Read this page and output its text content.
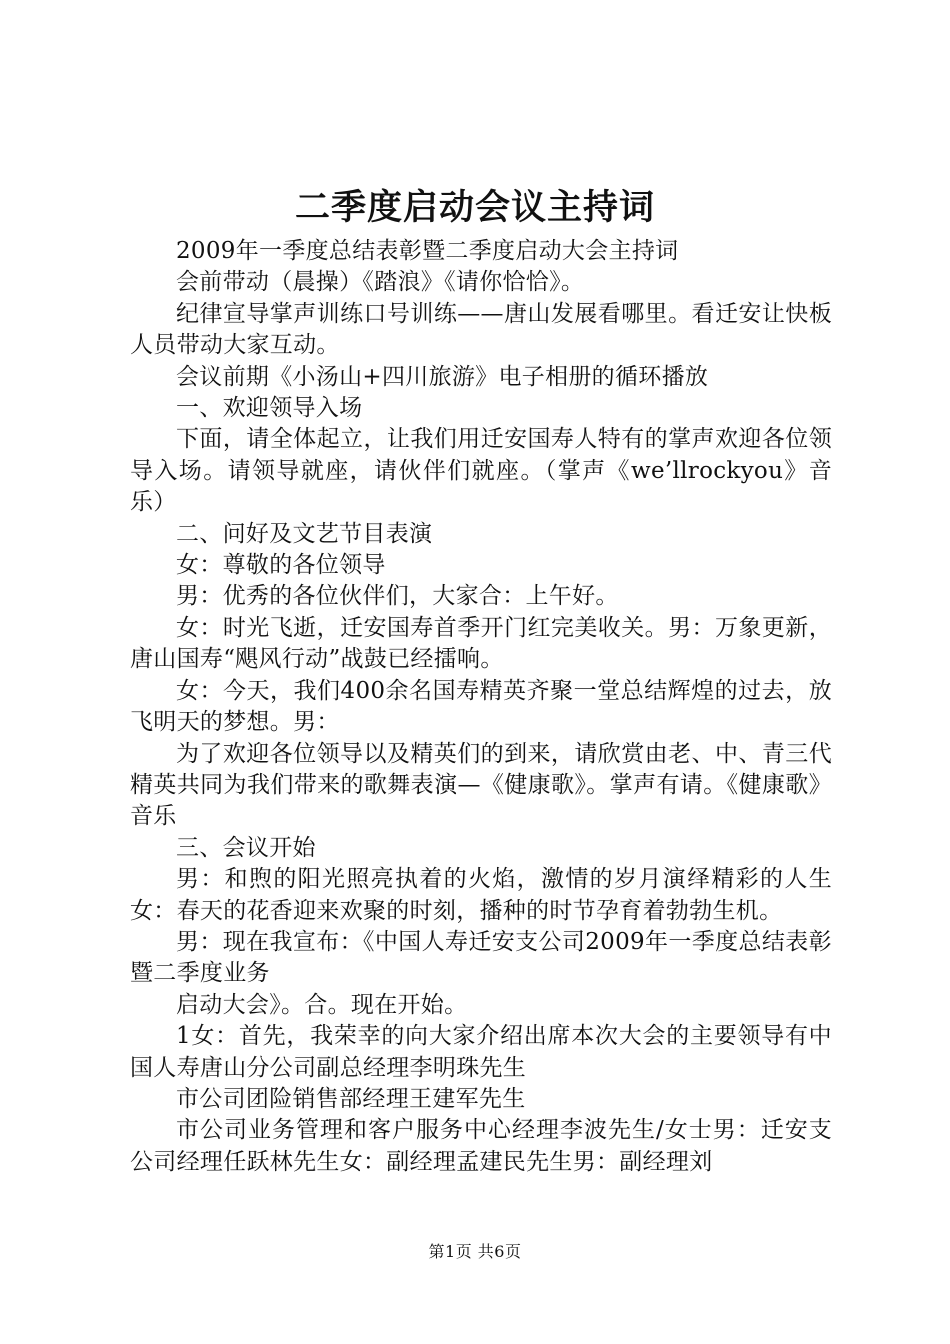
二季度启动会议主持词

2009年一季度总结表彰暨二季度启动大会主持词

会前带动（晨操）《踏浪》《请你恰恰》。

纪律宣导掌声训练口号训练——唐山发展看哪里。看迁安让快板人员带动大家互动。

会议前期《小汤山+四川旅游》电子相册的循环播放

一、欢迎领导入场

下面，请全体起立，让我们用迁安国寿人特有的掌声欢迎各位领导入场。请领导就座，请伙伴们就座。（掌声《we’llrockyou》音乐）

二、问好及文艺节目表演

女：尊敬的各位领导

男：优秀的各位伙伴们，大家合：上午好。

女：时光飞逝，迁安国寿首季开门红完美收关。男：万象更新，唐山国寿“飓风行动”战鼓已经擂响。

女：今天，我们400余名国寿精英齐聚一堂总结辉煌的过去，放飞明天的梦想。男：

为了欢迎各位领导以及精英们的到来，请欣赏由老、中、青三代精英共同为我们带来的歌舞表演—《健康歌》。掌声有请。《健康歌》音乐

三、会议开始

男：和煦的阳光照亮执着的火焰，激情的岁月演绎精彩的人生女：春天的花香迎来欢聚的时刻，播种的时节孕育着勃勃生机。

男：现在我宣布：《中国人寿迁安支公司2009年一季度总结表彰暨二季度业务

启动大会》。合。现在开始。

1女：首先，我荣幸的向大家介绍出席本次大会的主要领导有中国人寿唐山分公司副总经理李明珠先生

市公司团险销售部经理王建军先生

市公司业务管理和客户服务中心经理李波先生/女士男：迁安支公司经理任跃林先生女：副经理孟建民先生男：副经理刘

第1页 共6页
